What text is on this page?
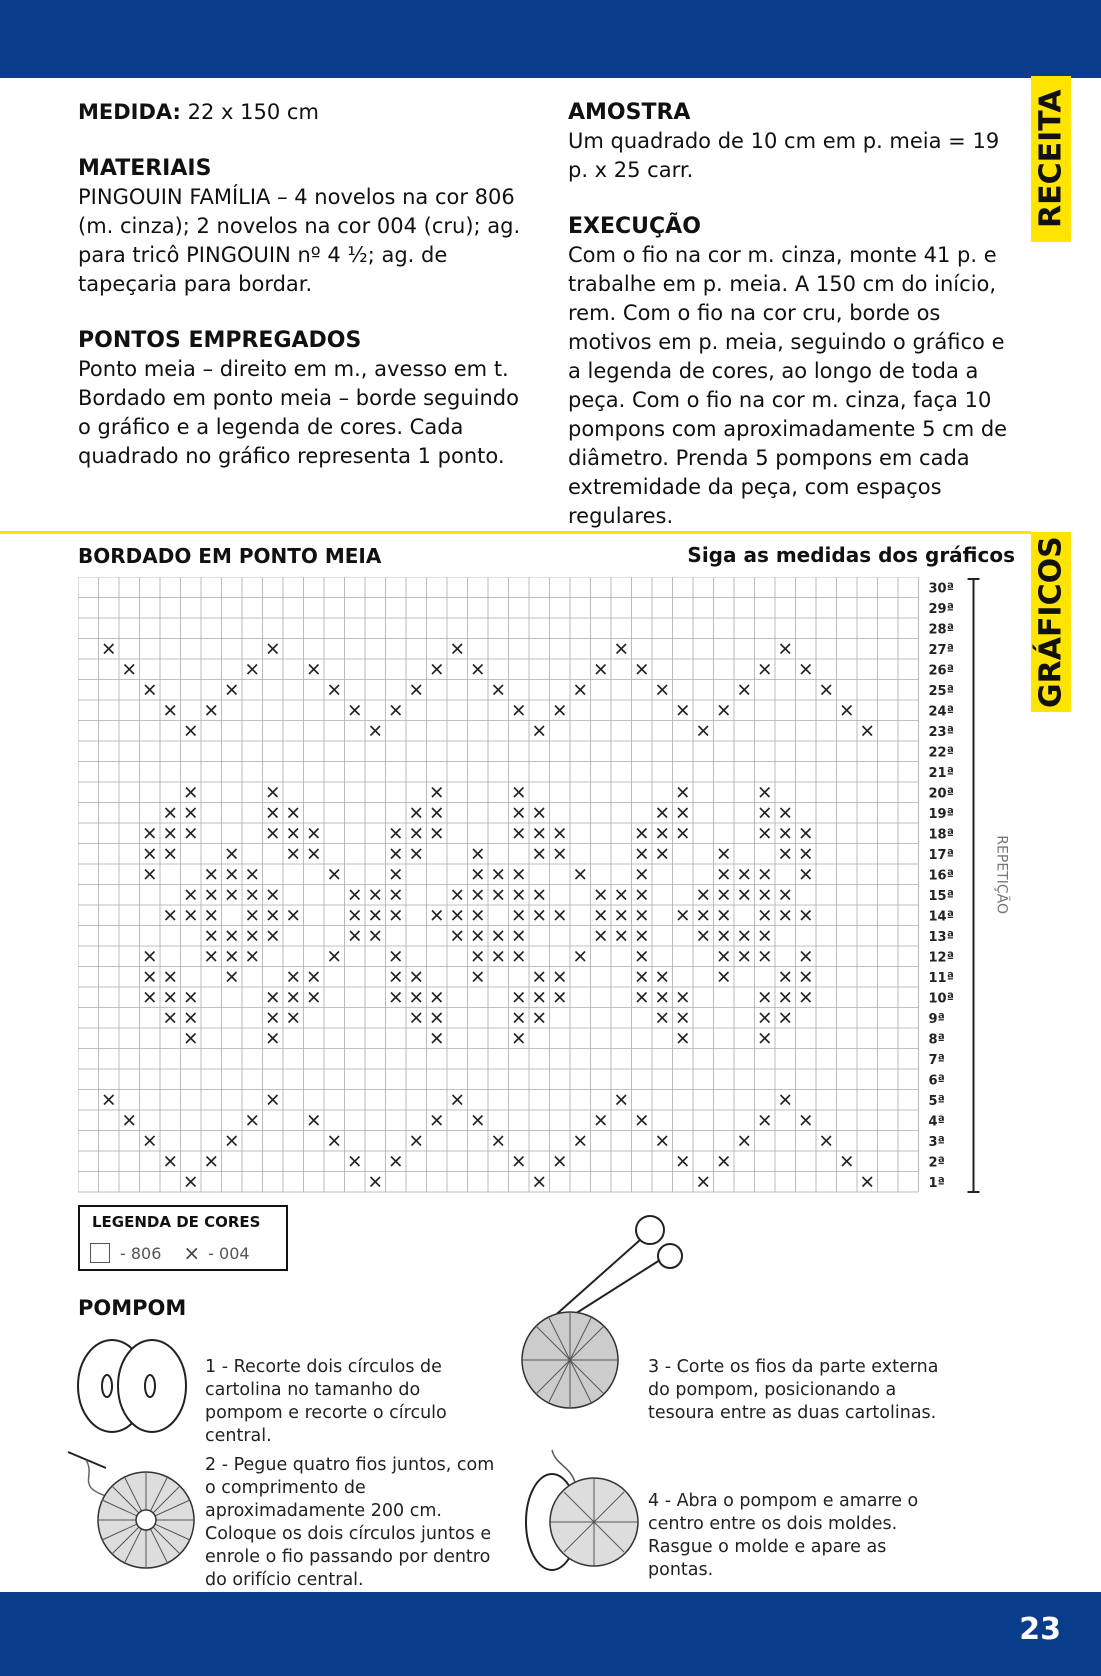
MEDIDA: 22 x 150 cm

MATERIAIS

PINGOUIN FAMÍLIA – 4 novelos na cor 806 (m. cinza); 2 novelos na cor 004 (cru); ag. para tricô PINGOUIN nº 4 ½; ag. de tapeçaria para bordar.

PONTOS EMPREGADOS

Ponto meia – direito em m., avesso em t. Bordado em ponto meia – borde seguindo o gráfico e a legenda de cores. Cada quadrado no gráfico representa 1 ponto.

AMOSTRA

Um quadrado de 10 cm em p. meia = 19 p. x 25 carr.

EXECUÇÃO

Com o fio na cor m. cinza, monte 41 p. e trabalhe em p. meia. A 150 cm do início, rem. Com o fio na cor cru, borde os motivos em p. meia, seguindo o gráfico e a legenda de cores, ao longo de toda a peça. Com o fio na cor m. cinza, faça 10 pompons com aproximadamente 5 cm de diâmetro. Prenda 5 pompons em cada extremidade da peça, com espaços regulares.

RECEITA
GRÁFICOS
BORDADO EM PONTO MEIA	Siga as medidas dos gráficos
1ª
2ª
3ª
4ª
5ª
6ª
7ª
8ª
9ª
10ª
11ª
12ª
13ª
14ª
15ª
16ª
17ª
18ª
19ª
20ª
21ª
22ª
23ª
24ª
25ª
26ª
27ª
28ª
29ª
30ª
REPETIÇÃO
LEGENDA DE CORES
- 806 × - 004
POMPOM
1 - Recorte dois círculos de cartolina no tamanho do pompom e recorte o círculo central.
2 - Pegue quatro fios juntos, com o comprimento de aproximadamente 200 cm. Coloque os dois círculos juntos e enrole o fio passando por dentro do orifício central.
3 - Corte os fios da parte externa do pompom, posicionando a tesoura entre as duas cartolinas.
4 - Abra o pompom e amarre o centro entre os dois moldes. Rasgue o molde e apare as pontas.
23
